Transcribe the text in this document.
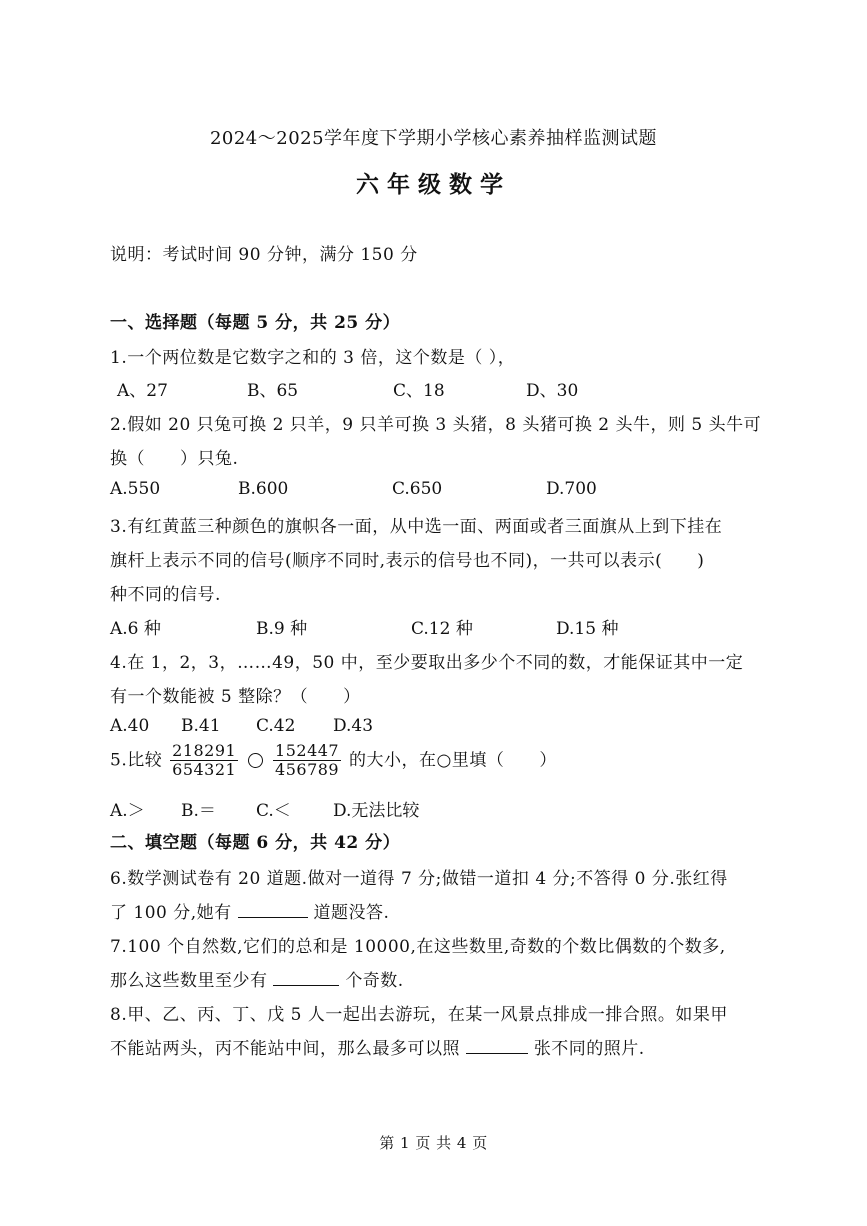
2024～2025学年度下学期小学核心素养抽样监测试题
六年级数学
说明：考试时间 90 分钟，满分 150 分
一、选择题（每题 5 分，共 25 分）
1.一个两位数是它数字之和的 3 倍，这个数是（ ），
A、27	B、65	C、18	D、30
2.假如 20 只兔可换 2 只羊，9 只羊可换 3 头猪，8 头猪可换 2 头牛，则 5 头牛可
换（　　）只兔.
A.550	B.600	C.650	D.700
3.有红黄蓝三种颜色的旗帜各一面，从中选一面、两面或者三面旗从上到下挂在
旗杆上表示不同的信号(顺序不同时,表示的信号也不同)，一共可以表示(　　)
种不同的信号.
A.6 种	B.9 种	C.12 种	D.15 种
4.在 1，2，3，……49，50 中，至少要取出多少个不同的数，才能保证其中一定
有一个数能被 5 整除？（　　）
A.40 B.41 C.42 D.43
5.比较 $\frac{218291}{654321}$
$\frac{152447}{456789}$ 的大小，在○里填（　　）
A.＞ B.＝ C.＜ D.无法比较
二、填空题（每题 6 分，共 42 分）
6.数学测试卷有 20 道题.做对一道得 7 分;做错一道扣 4 分;不答得 0 分.张红得
了 100 分,她有	道题没答.
7.100 个自然数,它们的总和是 10000,在这些数里,奇数的个数比偶数的个数多,
那么这些数里至少有	个奇数.
8.甲、乙、丙、丁、戊 5 人一起出去游玩，在某一风景点排成一排合照。如果甲
不能站两头，丙不能站中间，那么最多可以照	张不同的照片.
第 1 页 共 4 页
